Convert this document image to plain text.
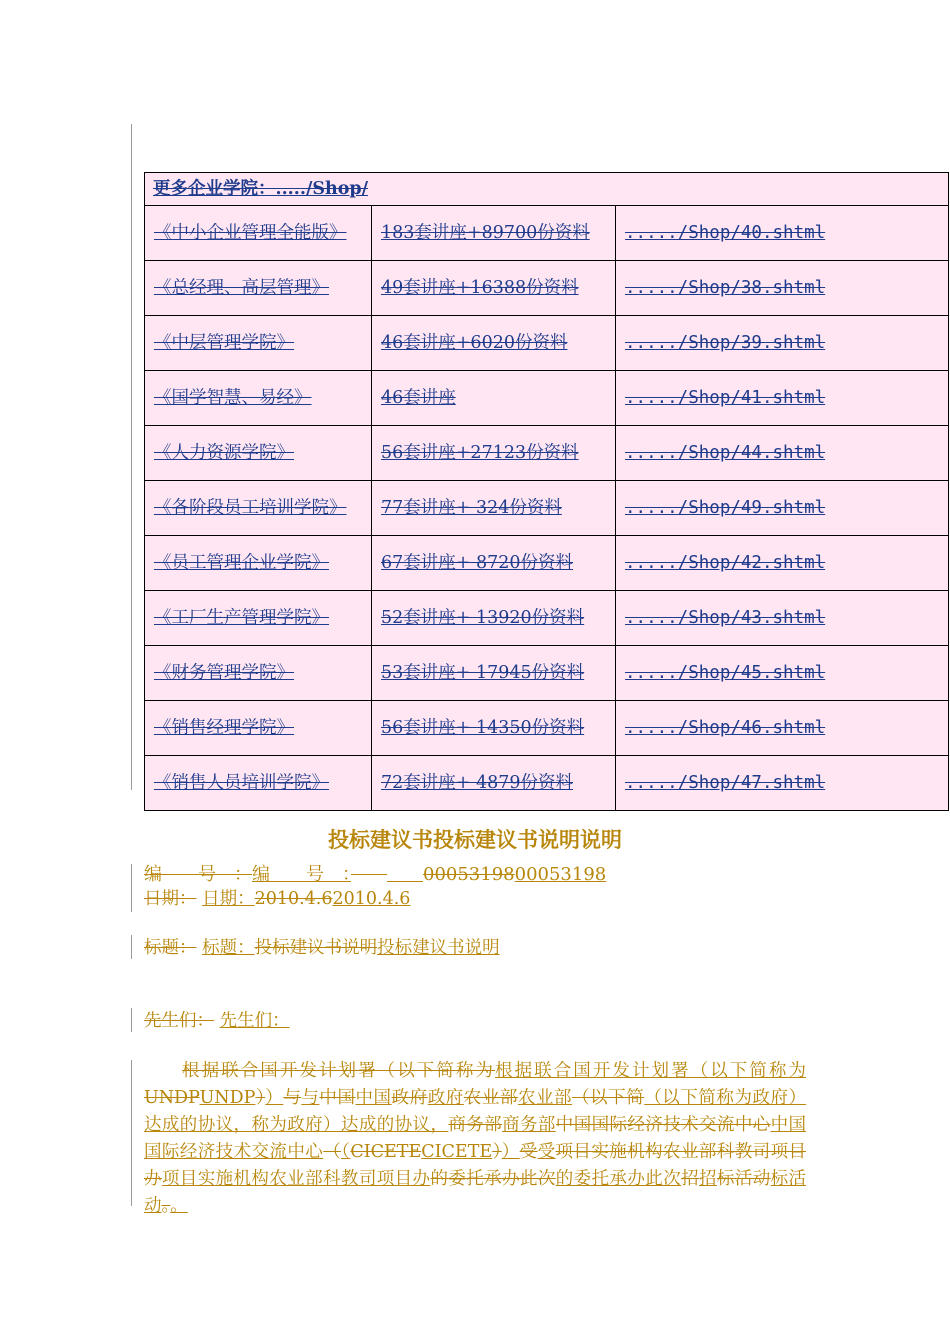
更多企业学院：...../Shop/		
《中小企业管理全能版》	183套讲座+89700份资料	...../Shop/40.shtml
《总经理、高层管理》	49套讲座+16388份资料	...../Shop/38.shtml
《中层管理学院》	46套讲座+6020份资料	...../Shop/39.shtml
《国学智慧、易经》	46套讲座	...../Shop/41.shtml
《人力资源学院》	56套讲座+27123份资料	...../Shop/44.shtml
《各阶段员工培训学院》	77套讲座+ 324份资料	...../Shop/49.shtml
《员工管理企业学院》	67套讲座+ 8720份资料	...../Shop/42.shtml
《工厂生产管理学院》	52套讲座+ 13920份资料	...../Shop/43.shtml
《财务管理学院》	53套讲座+ 17945份资料	...../Shop/45.shtml
《销售经理学院》	56套讲座+ 14350份资料	...../Shop/46.shtml
《销售人员培训学院》	72套讲座+ 4879份资料	...../Shop/47.shtml
投标建议书投标建议书说明说明
编　　号　：编　　号　：　　　　	0005319800053198
日期： 日期：2010.4.62010.4.6
标题： 标题：投标建议书说明投标建议书说明
先生们： 先生们：
根据联合国开发计划署（以下简称为根据联合国开发计划署（以下简称为UNDPUNDP））与与中国中国政府政府农业部农业部（以下简（以下简称为政府）达成的协议，称为政府）达成的协议，商务部商务部中国国际经济技术交流中心中国国际经济技术交流中心（（CICETECICETE））受受项目实施机构农业部科教司项目办项目实施机构农业部科教司项目办的委托承办此次的委托承办此次招招标活动标活动。。
